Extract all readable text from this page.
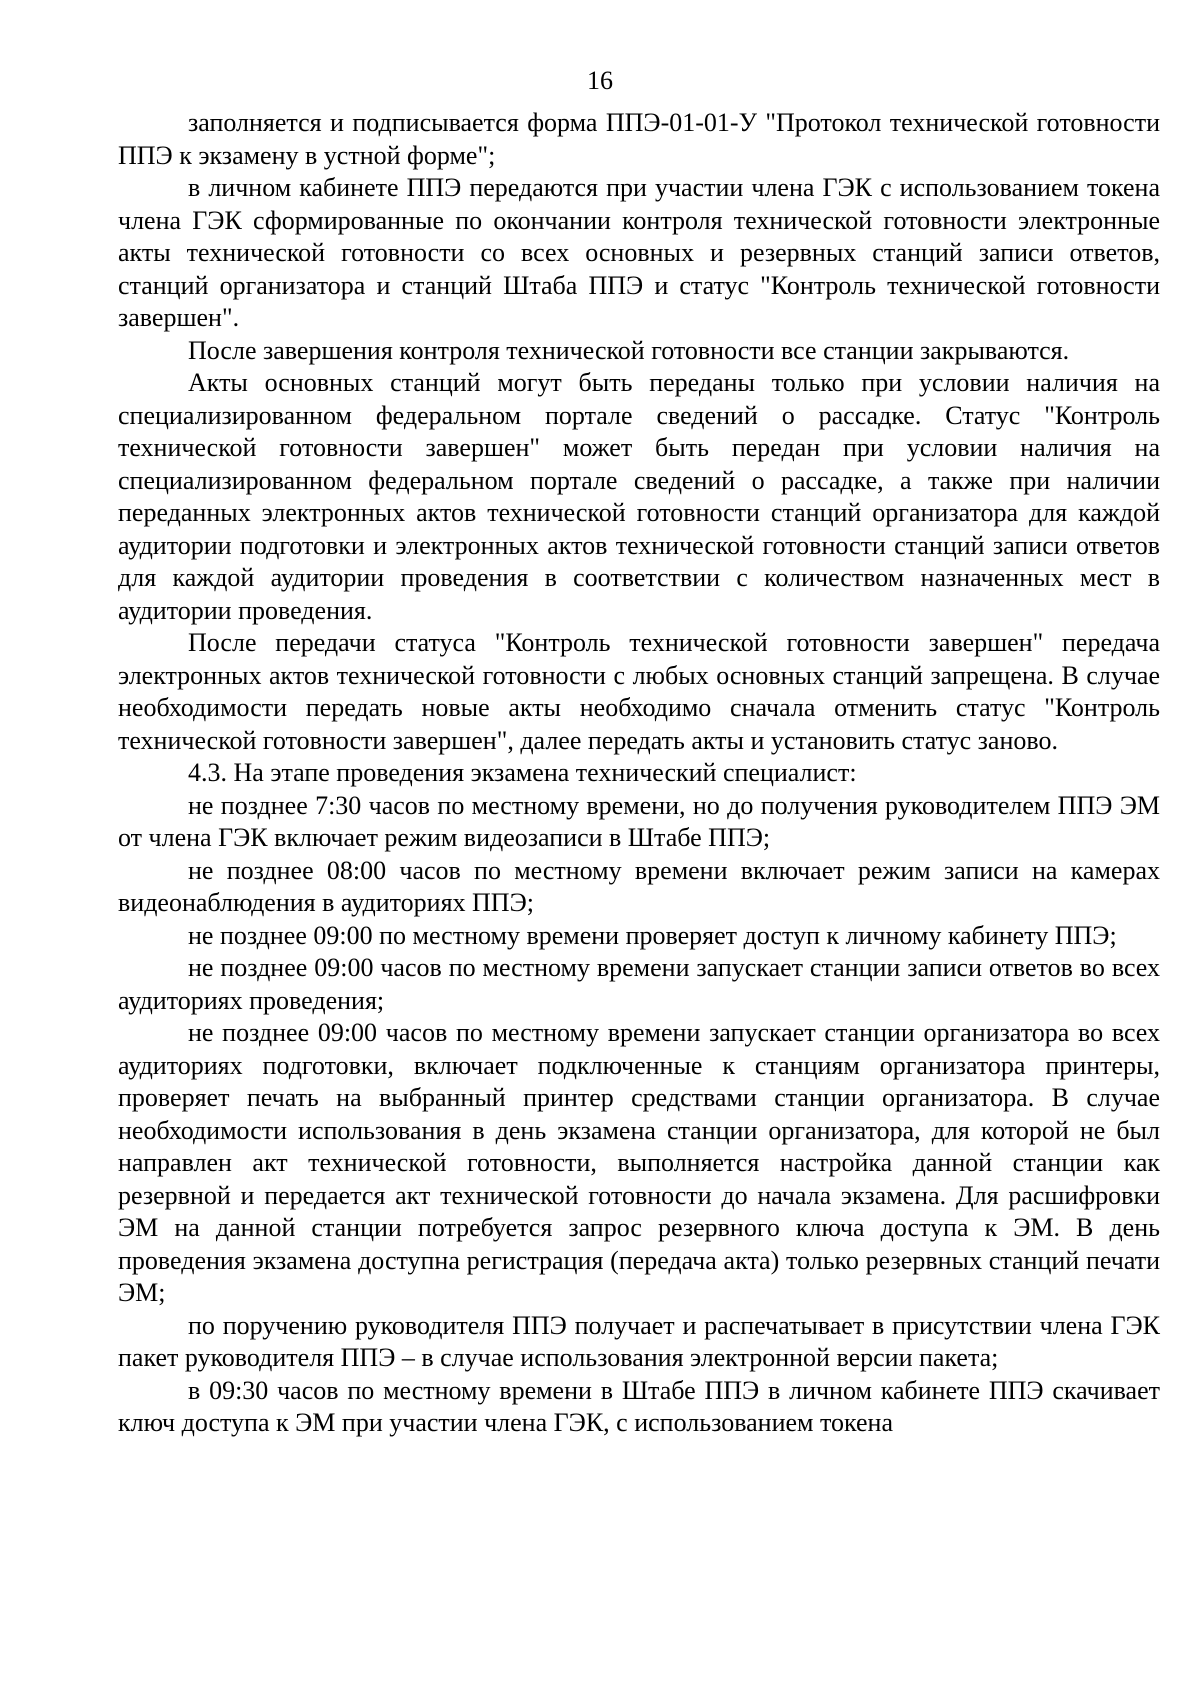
16

заполняется и подписывается форма ППЭ-01-01-У "Протокол технической готовности ППЭ к экзамену в устной форме";

в личном кабинете ППЭ передаются при участии члена ГЭК с использованием токена члена ГЭК сформированные по окончании контроля технической готовности электронные акты технической готовности со всех основных и резервных станций записи ответов, станций организатора и станций Штаба ППЭ и статус "Контроль технической готовности завершен".

После завершения контроля технической готовности все станции закрываются.

Акты основных станций могут быть переданы только при условии наличия на специализированном федеральном портале сведений о рассадке. Статус "Контроль технической готовности завершен" может быть передан при условии наличия на специализированном федеральном портале сведений о рассадке, а также при наличии переданных электронных актов технической готовности станций организатора для каждой аудитории подготовки и электронных актов технической готовности станций записи ответов для каждой аудитории проведения в соответствии с количеством назначенных мест в аудитории проведения.

После передачи статуса "Контроль технической готовности завершен" передача электронных актов технической готовности с любых основных станций запрещена. В случае необходимости передать новые акты необходимо сначала отменить статус "Контроль технической готовности завершен", далее передать акты и установить статус заново.

4.3. На этапе проведения экзамена технический специалист:

не позднее 7:30 часов по местному времени, но до получения руководителем ППЭ ЭМ от члена ГЭК включает режим видеозаписи в Штабе ППЭ;

не позднее 08:00 часов по местному времени включает режим записи на камерах видеонаблюдения в аудиториях ППЭ;

не позднее 09:00 по местному времени проверяет доступ к личному кабинету ППЭ;

не позднее 09:00 часов по местному времени запускает станции записи ответов во всех аудиториях проведения;

не позднее 09:00 часов по местному времени запускает станции организатора во всех аудиториях подготовки, включает подключенные к станциям организатора принтеры, проверяет печать на выбранный принтер средствами станции организатора. В случае необходимости использования в день экзамена станции организатора, для которой не был направлен акт технической готовности, выполняется настройка данной станции как резервной и передается акт технической готовности до начала экзамена. Для расшифровки ЭМ на данной станции потребуется запрос резервного ключа доступа к ЭМ. В день проведения экзамена доступна регистрация (передача акта) только резервных станций печати ЭМ;

по поручению руководителя ППЭ получает и распечатывает в присутствии члена ГЭК пакет руководителя ППЭ – в случае использования электронной версии пакета;

в 09:30 часов по местному времени в Штабе ППЭ в личном кабинете ППЭ скачивает ключ доступа к ЭМ при участии члена ГЭК, с использованием токена
